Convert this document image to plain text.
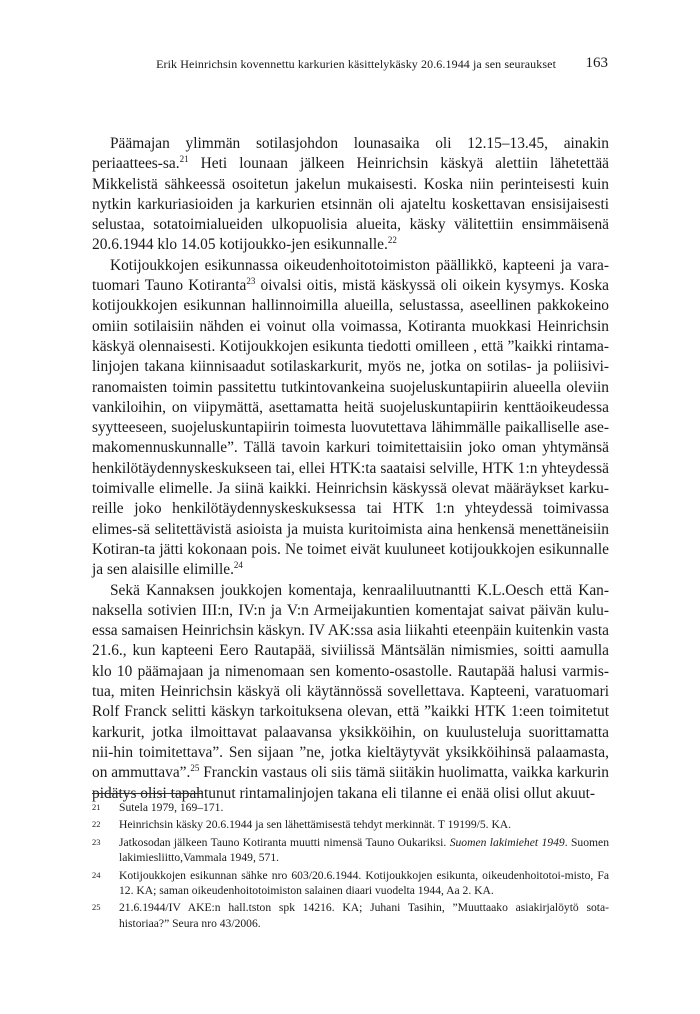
Erik Heinrichsin kovennettu karkurien käsittelykäsky 20.6.1944 ja sen seuraukset 163

Päämajan ylimmän sotilasjohdon lounasaika oli 12.15–13.45, ainakin periaattees-sa.$^{21}$ Heti lounaan jälkeen Heinrichsin käskyä alettiin lähetettää Mikkelistä sähkeessä osoitetun jakelun mukaisesti. Koska niin perinteisesti kuin nytkin karkuriasioiden ja karkurien etsinnän oli ajateltu koskettavan ensisijaisesti selustaa, sotatoimialueiden ulkopuolisia alueita, käsky välitettiin ensimmäisenä 20.6.1944 klo 14.05 kotijoukko-jen esikunnalle.$^{22}$

Kotijoukkojen esikunnassa oikeudenhoitotoimiston päällikkö, kapteeni ja vara-tuomari Tauno Kotiranta$^{23}$ oivalsi oitis, mistä käskyssä oli oikein kysymys. Koska kotijoukkojen esikunnan hallinnoimilla alueilla, selustassa, aseellinen pakkokeino omiin sotilaisiin nähden ei voinut olla voimassa, Kotiranta muokkasi Heinrichsin käskyä olennaisesti. Kotijoukkojen esikunta tiedotti omilleen , että ”kaikki rintama-linjojen takana kiinnisaadut sotilaskarkurit, myös ne, jotka on sotilas- ja poliisivi-ranomaisten toimin passitettu tutkintovankeina suojeluskuntapiirin alueella oleviin vankiloihin, on viipymättä, asettamatta heitä suojeluskuntapiirin kenttäoikeudessa syytteeseen, suojeluskuntapiirin toimesta luovutettava lähimmälle paikalliselle ase-makomennuskunnalle”. Tällä tavoin karkuri toimitettaisiin joko oman yhtymänsä henkilötäydennyskeskukseen tai, ellei HTK:ta saataisi selville, HTK 1:n yhteydessä toimivalle elimelle. Ja siinä kaikki. Heinrichsin käskyssä olevat määräykset karku-reille joko henkilötäydennyskeskuksessa tai HTK 1:n yhteydessä toimivassa elimes-sä selitettävistä asioista ja muista kuritoimista aina henkensä menettäneisiin Kotiran-ta jätti kokonaan pois. Ne toimet eivät kuuluneet kotijoukkojen esikunnalle ja sen alaisille elimille.$^{24}$

Sekä Kannaksen joukkojen komentaja, kenraaliluutnantti K.L.Oesch että Kan-naksella sotivien III:n, IV:n ja V:n Armeijakuntien komentajat saivat päivän kulu-essa samaisen Heinrichsin käskyn. IV AK:ssa asia liikahti eteenpäin kuitenkin vasta 21.6., kun kapteeni Eero Rautapää, siviilissä Mäntsälän nimismies, soitti aamulla klo 10 päämajaan ja nimenomaan sen komento-osastolle. Rautapää halusi varmis-tua, miten Heinrichsin käskyä oli käytännössä sovellettava. Kapteeni, varatuomari Rolf Franck selitti käskyn tarkoituksena olevan, että ”kaikki HTK 1:een toimitetut karkurit, jotka ilmoittavat palaavansa yksikköihin, on kuulusteluja suorittamatta nii-hin toimitettava”. Sen sijaan ”ne, jotka kieltäytyvät yksikköihinsä palaamasta, on ammuttava”.$^{25}$ Franckin vastaus oli siis tämä siitäkin huolimatta, vaikka karkurin pidätys olisi tapahtunut rintamalinjojen takana eli tilanne ei enää olisi ollut akuut-

21 Sutela 1979, 169–171.
22 Heinrichsin käsky 20.6.1944 ja sen lähettämisestä tehdyt merkinnät. T 19199/5. KA.
23 Jatkosodan jälkeen Tauno Kotiranta muutti nimensä Tauno Oukariksi. Suomen lakimiehet 1949. Suomen lakimiesliitto,Vammala 1949, 571.
24 Kotijoukkojen esikunnan sähke nro 603/20.6.1944. Kotijoukkojen esikunta, oikeudenhoitotoi-misto, Fa 12. KA; saman oikeudenhoitotoimiston salainen diaari vuodelta 1944, Aa 2. KA.
25 21.6.1944/IV AKE:n hall.tston spk 14216. KA; Juhani Tasihin, ”Muuttaako asiakirjalöytö sota-historiaa?” Seura nro 43/2006.
